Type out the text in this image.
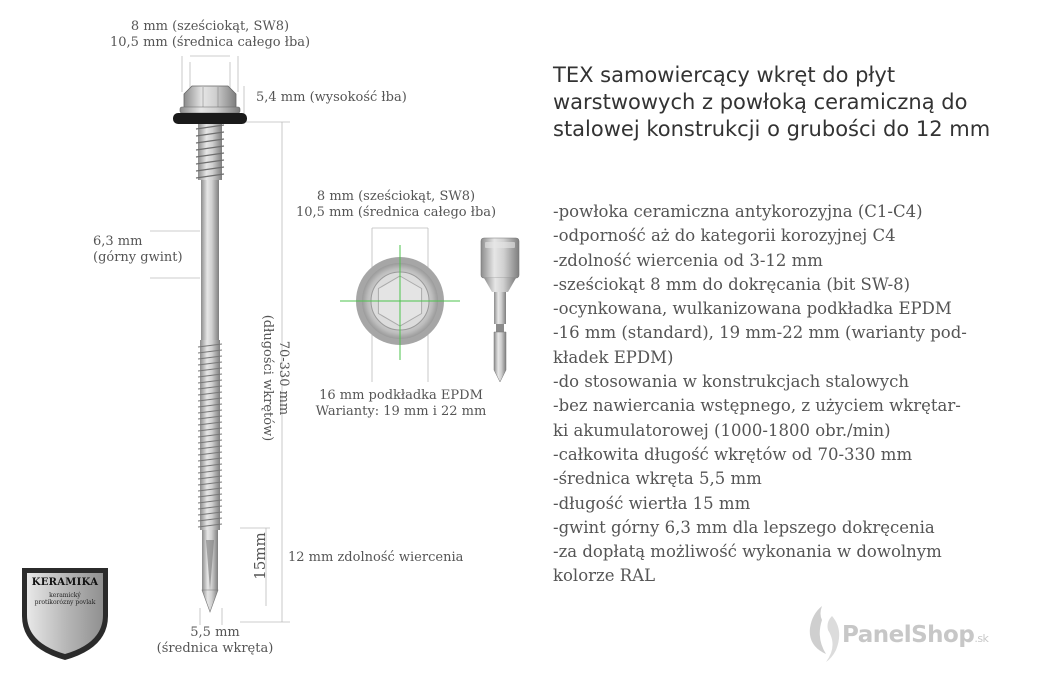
8 mm (sześciokąt, SW8)
10,5 mm (średnica całego łba)
5,4 mm (wysokość łba)
6,3 mm
(górny gwint)
70-330 mm
(długości wkrętów)
15mm 12 mm zdolność wiercenia
5,5 mm
(średnica wkręta)
8 mm (sześciokąt, SW8)
10,5 mm (średnica całego łba)
16 mm podkładka EPDM
Warianty: 19 mm i 22 mm
TEX samowiercący wkręt do płyt warstwowych z powłoką ceramiczną do stalowej konstrukcji o grubości do 12 mm
-powłoka ceramiczna antykorozyjna (C1-C4)
-odporność aż do kategorii korozyjnej C4
-zdolność wiercenia od 3-12 mm
-sześciokąt 8 mm do dokręcania (bit SW-8)
-ocynkowana, wulkanizowana podkładka EPDM
-16 mm (standard), 19 mm-22 mm (warianty pod-
kładek EPDM)
-do stosowania w konstrukcjach stalowych
-bez nawiercania wstępnego, z użyciem wkrętar-
ki akumulatorowej (1000-1800 obr./min)
-całkowita długość wkrętów od 70-330 mm
-średnica wkręta 5,5 mm
-długość wiertła 15 mm
-gwint górny 6,3 mm dla lepszego dokręcenia
-za dopłatą możliwość wykonania w dowolnym
kolorze RAL
KERAMIKA
keramický protikorózny povlak
PanelShop.sk
